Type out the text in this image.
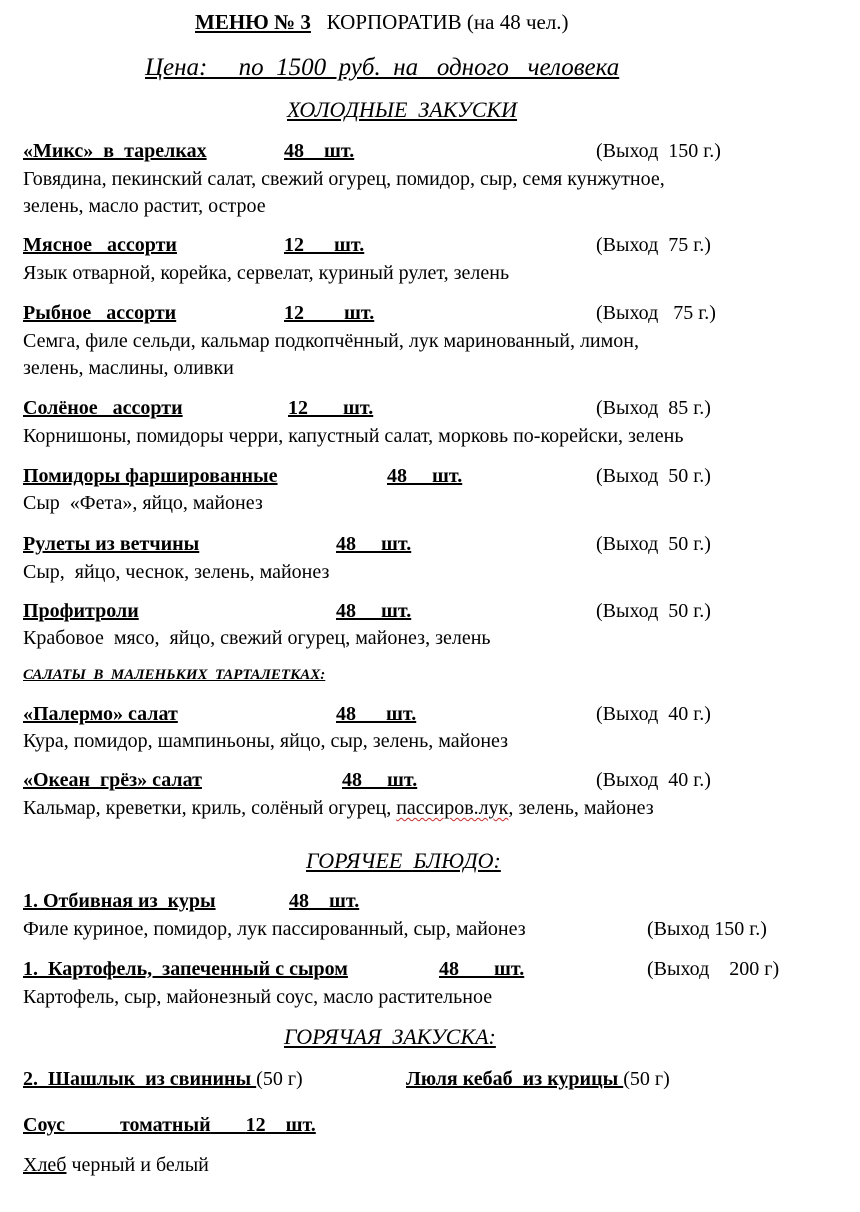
МЕНЮ № 3 КОРПОРАТИВ (на 48 чел.)
Цена:     по  1500  руб.  на   одного   человека
ХОЛОДНЫЕ  ЗАКУСКИ
«Микс»  в  тарелках	48 шт.	(Выход  150 г.)
Говядина, пекинский салат, свежий огурец, помидор, сыр, семя кунжутное,
зелень, масло растит, острое
Мясное   ассорти	12 шт.	(Выход  75 г.)
Язык отварной, корейка, сервелат, куриный рулет, зелень
Рыбное   ассорти	12 шт.	(Выход   75 г.)
Семга, филе сельди, кальмар подкопчённый, лук маринованный, лимон,
зелень, маслины, оливки
Солёное   ассорти	12 шт.	(Выход  85 г.)
Корнишоны, помидоры черри, капустный салат, морковь по-корейски, зелень
Помидоры фаршированные	48 шт.	(Выход  50 г.)
Сыр  «Фета», яйцо, майонез
Рулеты из ветчины	48 шт.	(Выход  50 г.)
Сыр,  яйцо, чеснок, зелень, майонез
Профитроли	48 шт.	(Выход  50 г.)
Крабовое  мясо,  яйцо, свежий огурец, майонез, зелень
САЛАТЫ  В  МАЛЕНЬКИХ  ТАРТАЛЕТКАХ:
«Палермо» салат	48 шт.	(Выход  40 г.)
Кура, помидор, шампиньоны, яйцо, сыр, зелень, майонез
«Океан  грёз» салат	48 шт.	(Выход  40 г.)
Кальмар, креветки, криль, солёный огурец, пассиров.лук, зелень, майонез
ГОРЯЧЕЕ  БЛЮДО:
1. Отбивная из  куры	48 шт.
Филе куриное, помидор, лук пассированный, сыр, майонез	(Выход 150 г.)
1.  Картофель,  запеченный с сыром	48 шт.	(Выход    200 г)
Картофель, сыр, майонезный соус, масло растительное
ГОРЯЧАЯ  ЗАКУСКА:
2.  Шашлык  из свинины (50 г)	Люля кебаб  из курицы (50 г)
Соус	томатный 12 шт.
Хлеб черный и белый
